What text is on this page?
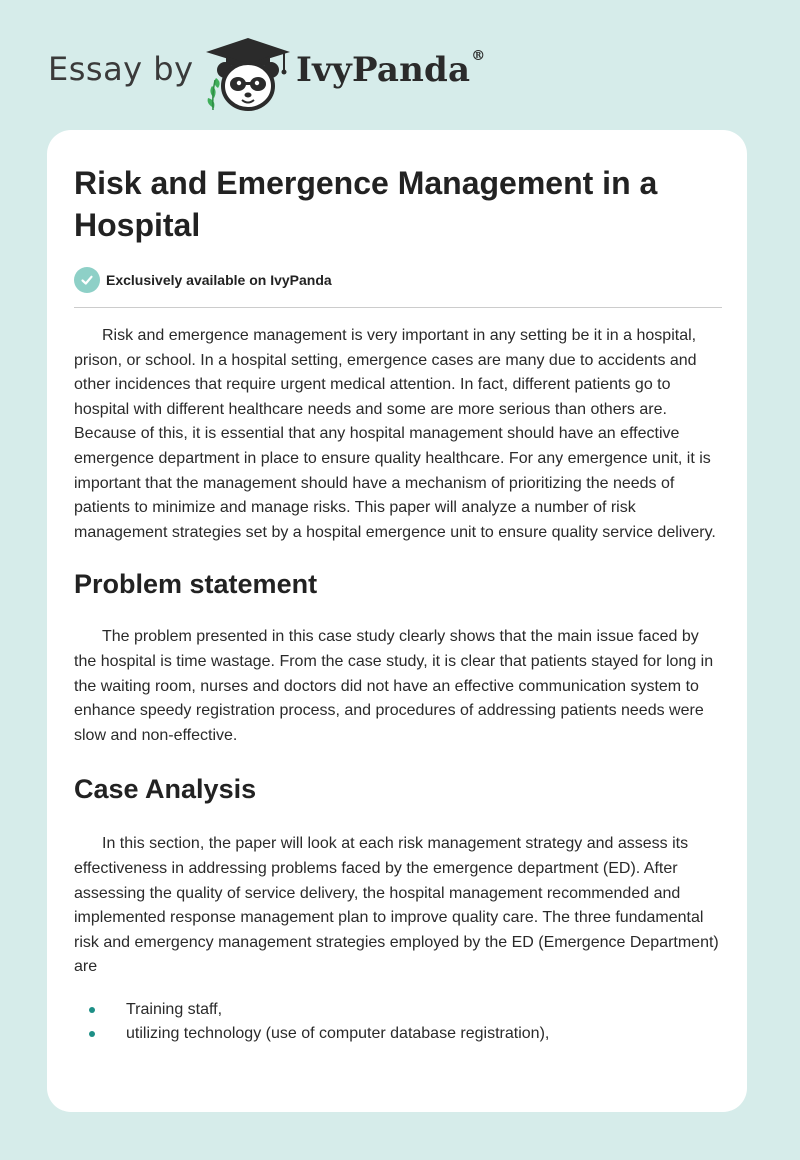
Essay by	IvyPanda®
Risk and Emergence Management in a Hospital
Exclusively available on IvyPanda

Risk and emergence management is very important in any setting be it in a hospital, prison, or school. In a hospital setting, emergence cases are many due to accidents and other incidences that require urgent medical attention. In fact, different patients go to hospital with different healthcare needs and some are more serious than others are. Because of this, it is essential that any hospital management should have an effective emergence department in place to ensure quality healthcare. For any emergence unit, it is important that the management should have a mechanism of prioritizing the needs of patients to minimize and manage risks. This paper will analyze a number of risk management strategies set by a hospital emergence unit to ensure quality service delivery.

Problem statement

The problem presented in this case study clearly shows that the main issue faced by the hospital is time wastage. From the case study, it is clear that patients stayed for long in the waiting room, nurses and doctors did not have an effective communication system to enhance speedy registration process, and procedures of addressing patients needs were slow and non-effective.

Case Analysis

In this section, the paper will look at each risk management strategy and assess its effectiveness in addressing problems faced by the emergence department (ED). After assessing the quality of service delivery, the hospital management recommended and implemented response management plan to improve quality care. The three fundamental risk and emergency management strategies employed by the ED (Emergence Department) are

Training staff,
utilizing technology (use of computer database registration),
